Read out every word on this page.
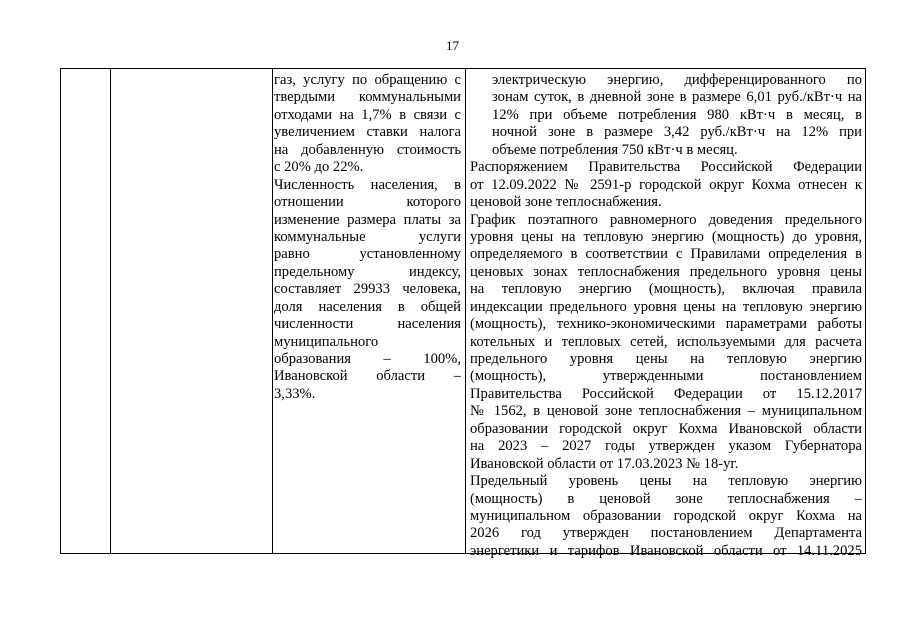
17
газ, услугу по обращению с
твердыми коммунальными
отходами на 1,7% в связи с
увеличением ставки налога
на добавленную стоимость
с 20% до 22%.
Численность населения, в
отношении которого
изменение размера платы за
коммунальные услуги
равно установленному
предельному индексу,
составляет 29933 человека,
доля населения в общей
численности населения
муниципального
образования – 100%,
Ивановской области –
3,33%.
электрическую энергию, дифференцированного по
зонам суток, в дневной зоне в размере 6,01 руб./кВт·ч на
12% при объеме потребления 980 кВт·ч в месяц, в
ночной зоне в размере 3,42 руб./кВт·ч на 12% при
объеме потребления 750 кВт·ч в месяц.
Распоряжением Правительства Российской Федерации
от 12.09.2022 № 2591-р городской округ Кохма отнесен к
ценовой зоне теплоснабжения.
График поэтапного равномерного доведения предельного
уровня цены на тепловую энергию (мощность) до уровня,
определяемого в соответствии с Правилами определения в
ценовых зонах теплоснабжения предельного уровня цены
на тепловую энергию (мощность), включая правила
индексации предельного уровня цены на тепловую энергию
(мощность), технико-экономическими параметрами работы
котельных и тепловых сетей, используемыми для расчета
предельного уровня цены на тепловую энергию
(мощность), утвержденными постановлением
Правительства Российской Федерации от 15.12.2017
№ 1562, в ценовой зоне теплоснабжения – муниципальном
образовании городской округ Кохма Ивановской области
на 2023 – 2027 годы утвержден указом Губернатора
Ивановской области от 17.03.2023 № 18-уг.
Предельный уровень цены на тепловую энергию
(мощность) в ценовой зоне теплоснабжения –
муниципальном образовании городской округ Кохма на
2026 год утвержден постановлением Департамента
энергетики и тарифов Ивановской области от 14.11.2025
